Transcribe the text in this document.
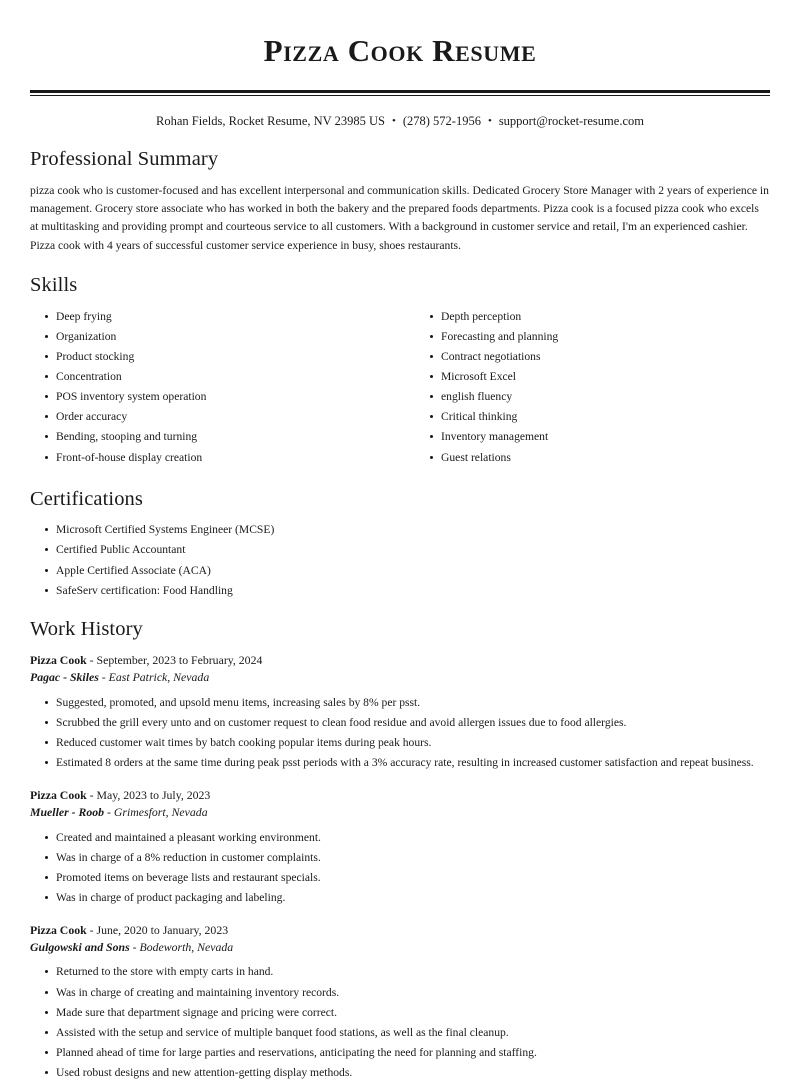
Pizza Cook Resume
Rohan Fields, Rocket Resume, NV 23985 US • (278) 572-1956 • support@rocket-resume.com
Professional Summary

pizza cook who is customer-focused and has excellent interpersonal and communication skills. Dedicated Grocery Store Manager with 2 years of experience in management. Grocery store associate who has worked in both the bakery and the prepared foods departments. Pizza cook is a focused pizza cook who excels at multitasking and providing prompt and courteous service to all customers. With a background in customer service and retail, I'm an experienced cashier. Pizza cook with 4 years of successful customer service experience in busy, shoes restaurants.

Skills
Deep frying
Organization
Product stocking
Concentration
POS inventory system operation
Order accuracy
Bending, stooping and turning
Front-of-house display creation
Depth perception
Forecasting and planning
Contract negotiations
Microsoft Excel
english fluency
Critical thinking
Inventory management
Guest relations
Certifications
Microsoft Certified Systems Engineer (MCSE)
Certified Public Accountant
Apple Certified Associate (ACA)
SafeServ certification: Food Handling
Work History
Pizza Cook - September, 2023 to February, 2024
Pagac - Skiles - East Patrick, Nevada
Suggested, promoted, and upsold menu items, increasing sales by 8% per psst.
Scrubbed the grill every unto and on customer request to clean food residue and avoid allergen issues due to food allergies.
Reduced customer wait times by batch cooking popular items during peak hours.
Estimated 8 orders at the same time during peak psst periods with a 3% accuracy rate, resulting in increased customer satisfaction and repeat business.
Pizza Cook - May, 2023 to July, 2023
Mueller - Roob - Grimesfort, Nevada
Created and maintained a pleasant working environment.
Was in charge of a 8% reduction in customer complaints.
Promoted items on beverage lists and restaurant specials.
Was in charge of product packaging and labeling.
Pizza Cook - June, 2020 to January, 2023
Gulgowski and Sons - Bodeworth, Nevada
Returned to the store with empty carts in hand.
Was in charge of creating and maintaining inventory records.
Made sure that department signage and pricing were correct.
Assisted with the setup and service of multiple banquet food stations, as well as the final cleanup.
Planned ahead of time for large parties and reservations, anticipating the need for planning and staffing.
Used robust designs and new attention-getting display methods.
